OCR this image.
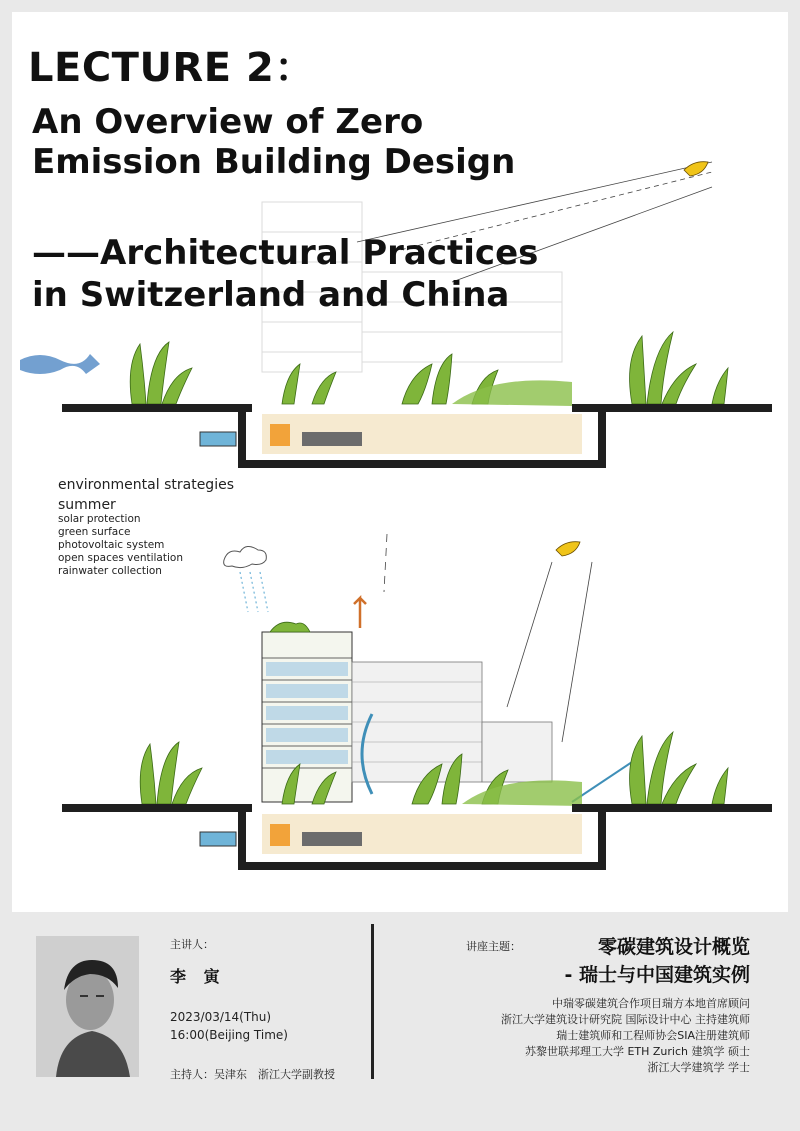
LECTURE 2：
An Overview of Zero
Emission Building Design
——Architectural Practices
in Switzerland and China
environmental strategies
summer
solar protection
green surface
photovoltaic system
open spaces ventilation
rainwater collection
主讲人：
李 寅
2023/03/14(Thu)
16:00(Beijing Time)
主持人：吴津东　浙江大学副教授
讲座主题：	零碳建筑设计概览
- 瑞士与中国建筑实例
中瑞零碳建筑合作项目瑞方本地首席顾问
浙江大学建筑设计研究院 国际设计中心 主持建筑师
瑞士建筑师和工程师协会SIA注册建筑师
苏黎世联邦理工大学 ETH Zurich 建筑学 硕士
浙江大学建筑学 学士
